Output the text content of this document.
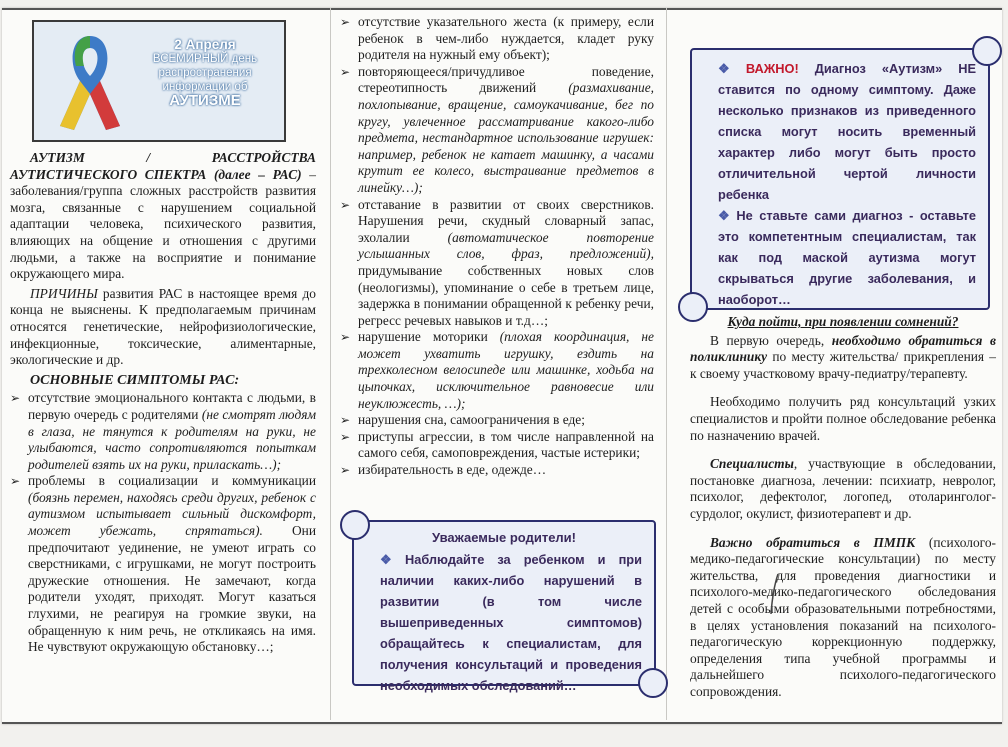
2 Апреля
ВСЕМИРНЫЙ день
распространения
информации об
АУТИЗМЕ

АУТИЗМ / РАССТРОЙСТВА АУТИСТИЧЕСКОГО СПЕКТРА (далее – РАС) – заболевания/группа сложных расстройств развития мозга, связанные с нарушением социальной адаптации человека, психического развития, влияющих на общение и отношения с другими людьми, а также на восприятие и понимание окружающего мира.

ПРИЧИНЫ развития РАС в настоящее время до конца не выяснены. К предполагаемым причинам относятся генетические, нейрофизиологические, инфекционные, токсические, алиментарные, экологические и др.

ОСНОВНЫЕ СИМПТОМЫ РАС:
➢ отсутствие эмоционального контакта с людьми, в первую очередь с родителями (не смотрят людям в глаза, не тянутся к родителям на руки, не улыбаются, часто сопротивляются попыткам родителей взять их на руки, приласкать…);
➢ проблемы в социализации и коммуникации (боязнь перемен, находясь среди других, ребенок с аутизмом испытывает сильный дискомфорт, может убежать, спрятаться). Они предпочитают уединение, не умеют играть со сверстниками, с игрушками, не могут построить дружеские отношения. Не замечают, когда родители уходят, приходят. Могут казаться глухими, не реагируя на громкие звуки, на обращенную к ним речь, не откликаясь на имя. Не чувствуют окружающую обстановку…;
➢ отсутствие указательного жеста (к примеру, если ребенок в чем-либо нуждается, кладет руку родителя на нужный ему объект);
➢ повторяющееся/причудливое поведение, стереотипность движений (размахивание, похлопывание, вращение, самоукачивание, бег по кругу, увлеченное рассматривание какого-либо предмета, нестандартное использование игрушек: например, ребенок не катает машинку, а часами крутит ее колесо, выстраивание предметов в линейку…);
➢ отставание в развитии от своих сверстников. Нарушения речи, скудный словарный запас, эхолалии (автоматическое повторение услышанных слов, фраз, предложений), придумывание собственных новых слов (неологизмы), упоминание о себе в третьем лице, задержка в понимании обращенной к ребенку речи, регресс речевых навыков и т.д…;
➢ нарушение моторики (плохая координация, не может ухватить игрушку, ездить на трехколесном велосипеде или машинке, ходьба на цыпочках, исключительное равновесие или неуклюжесть, …);
➢ нарушения сна, самоограничения в еде;
➢ приступы агрессии, в том числе направленной на самого себя, самоповреждения, частые истерики;
➢ избирательность в еде, одежде…
Уважаемые родители!
❖ Наблюдайте за ребенком и при наличии каких-либо нарушений в развитии (в том числе вышеприведенных симптомов) обращайтесь к специалистам, для получения консультаций и проведения необходимых обследований…
❖ ВАЖНО! Диагноз «Аутизм» НЕ ставится по одному симптому. Даже несколько признаков из приведенного списка могут носить временный характер либо могут быть просто отличительной чертой личности ребенка
❖ Не ставьте сами диагноз - оставьте это компетентным специалистам, так как под маской аутизма могут скрываться другие заболевания, и наоборот…
Куда пойти, при появлении сомнений?

В первую очередь, необходимо обратиться в поликлинику по месту жительства/ прикрепления – к своему участковому врачу-педиатру/терапевту.

Необходимо получить ряд консультаций узких специалистов и пройти полное обследование ребенка по назначению врачей.

Специалисты, участвующие в обследовании, постановке диагноза, лечении: психиатр, невролог, психолог, дефектолог, логопед, отоларинголог-сурдолог, окулист, физиотерапевт и др.

Важно обратиться в ПМПК (психолого-медико-педагогические консультации) по месту жительства, для проведения диагностики и психолого-медико-педагогического обследования детей с особыми образовательными потребностями, в целях установления показаний на психолого-педагогическую коррекционную поддержку, определения типа учебной программы и дальнейшего психолого-педагогического сопровождения.
